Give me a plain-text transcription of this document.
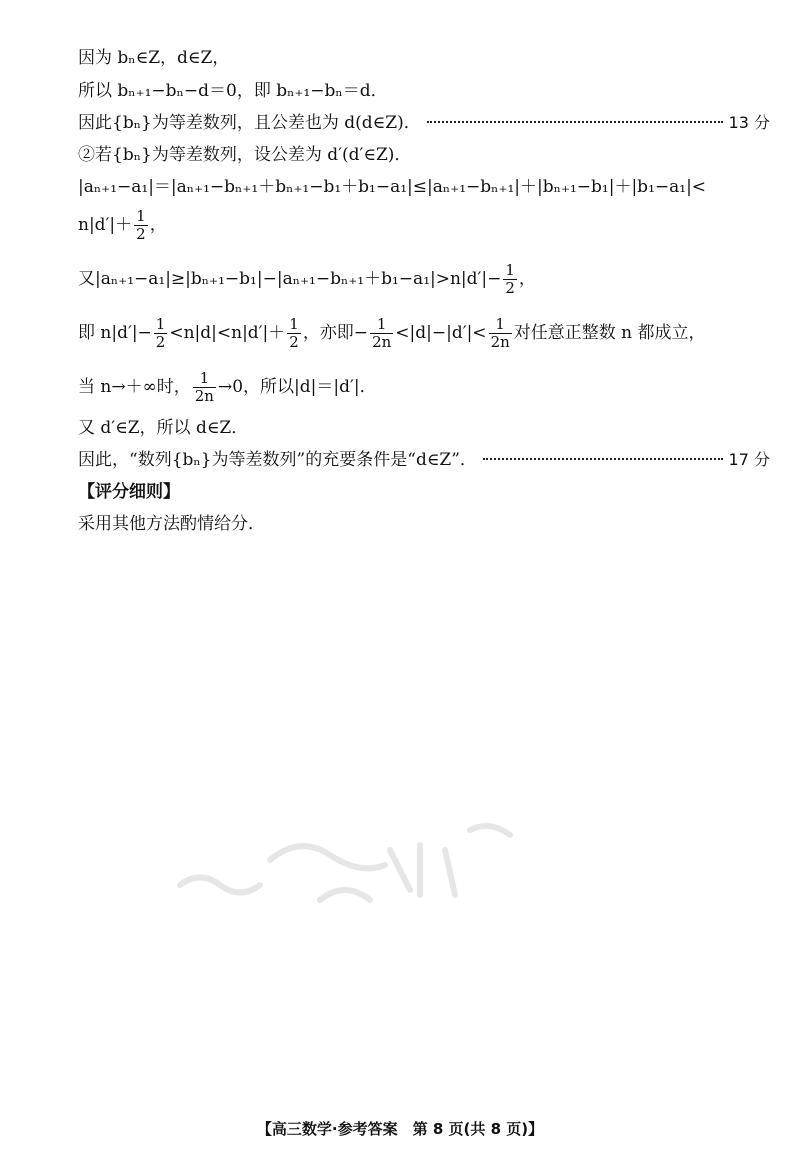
因为 bₙ∈Z，d∈Z，
所以 bₙ₊₁−bₙ−d＝0，即 bₙ₊₁−bₙ＝d．
因此{bₙ}为等差数列，且公差也为 d(d∈Z)．	13 分
②若{bₙ}为等差数列，设公差为 d′(d′∈Z)．
|aₙ₊₁−a₁|＝|aₙ₊₁−bₙ₊₁＋bₙ₊₁−b₁＋b₁−a₁|≤|aₙ₊₁−bₙ₊₁|＋|bₙ₊₁−b₁|＋|b₁−a₁|<
$n|d'|+ \frac{1}{2}$ ，
又$|a_{n+1}-a_1|\ge|b_{n+1}-b_1|-|a_{n+1}-b_{n+1}+b_1-a_1|>n|d'|- \frac{1}{2}$ ，
即 $n|d'|- \frac{1}{2} <n|d|<n|d'|+ \frac{1}{2}$ ，亦即− $\frac{1}{2n} <|d|-|d'|< \frac{1}{2n}$ 对任意正整数 n 都成立，
当 n→＋∞时， $\frac{1}{2n} \to 0$，所以|d|＝|d′|．
又 d′∈Z，所以 d∈Z．
因此，“数列{bₙ}为等差数列”的充要条件是“d∈Z”．	17 分
【评分细则】
采用其他方法酌情给分．
【高三数学·参考答案　第 8 页(共 8 页)】
